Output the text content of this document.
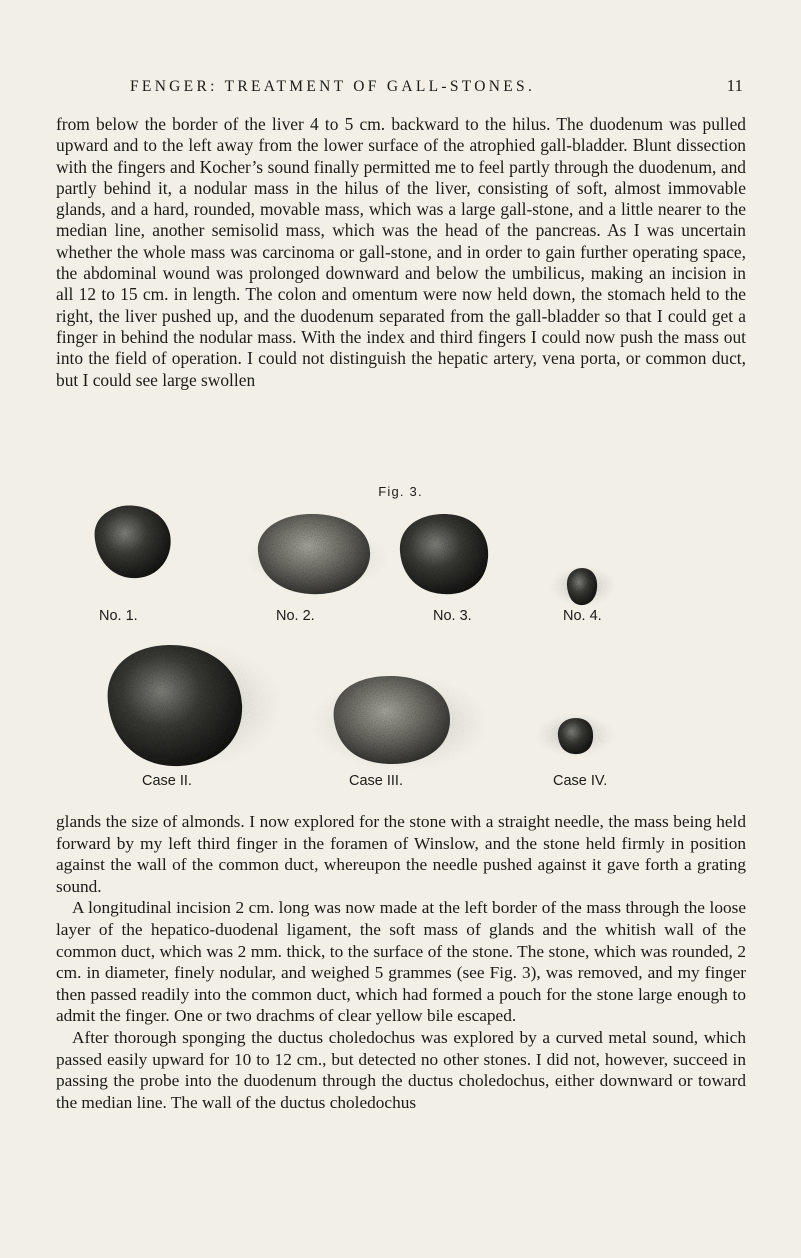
FENGER: TREATMENT OF GALL-STONES.	11

from below the border of the liver 4 to 5 cm. backward to the hilus. The duodenum was pulled upward and to the left away from the lower surface of the atrophied gall-bladder. Blunt dissection with the fingers and Kocher’s sound finally permitted me to feel partly through the duodenum, and partly behind it, a nodular mass in the hilus of the liver, consisting of soft, almost immovable glands, and a hard, rounded, movable mass, which was a large gall-stone, and a little nearer to the median line, another semisolid mass, which was the head of the pancreas. As I was uncertain whether the whole mass was carcinoma or gall-stone, and in order to gain further operating space, the abdominal wound was prolonged downward and below the umbilicus, making an incision in all 12 to 15 cm. in length. The colon and omentum were now held down, the stomach held to the right, the liver pushed up, and the duodenum separated from the gall-bladder so that I could get a finger in behind the nodular mass. With the index and third fingers I could now push the mass out into the field of operation. I could not distinguish the hepatic artery, vena porta, or common duct, but I could see large swollen

Fig. 3.
No. 1.	No. 2.	No. 3.	No. 4.
Case II.	Case III.	Case IV.

glands the size of almonds. I now explored for the stone with a straight needle, the mass being held forward by my left third finger in the foramen of Winslow, and the stone held firmly in position against the wall of the common duct, whereupon the needle pushed against it gave forth a grating sound.

A longitudinal incision 2 cm. long was now made at the left border of the mass through the loose layer of the hepatico-duodenal ligament, the soft mass of glands and the whitish wall of the common duct, which was 2 mm. thick, to the surface of the stone. The stone, which was rounded, 2 cm. in diameter, finely nodular, and weighed 5 grammes (see Fig. 3), was removed, and my finger then passed readily into the common duct, which had formed a pouch for the stone large enough to admit the finger. One or two drachms of clear yellow bile escaped.

After thorough sponging the ductus choledochus was explored by a curved metal sound, which passed easily upward for 10 to 12 cm., but detected no other stones. I did not, however, succeed in passing the probe into the duodenum through the ductus choledochus, either downward or toward the median line. The wall of the ductus choledochus
